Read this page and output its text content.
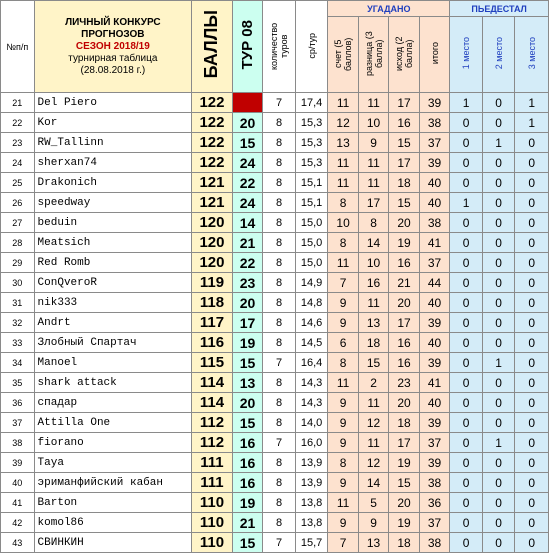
№п/п	ЛИЧНЫЙ КОНКУРС
ПРОГНОЗОВ
СЕЗОН 2018/19
турнирная таблица
(28.08.2018 г.)	БАЛЛЫ	ТУР 08	количество туров	ср/тур	УГАДАНО				ПЬЕДЕСТАЛ		
						счет (5 баллов)	разница (3 балла)	исход (2 балла)	итого	1 место	2 место	3 место
21	Del Piero	122		7	17,4	11	11	17	39	1	0	1
22	Kor	122	20	8	15,3	12	10	16	38	0	0	1
23	RW_Tallinn	122	15	8	15,3	13	9	15	37	0	1	0
24	sherxan74	122	24	8	15,3	11	11	17	39	0	0	0
25	Drakonich	121	22	8	15,1	11	11	18	40	0	0	0
26	speedway	121	24	8	15,1	8	17	15	40	1	0	0
27	beduin	120	14	8	15,0	10	8	20	38	0	0	0
28	Meatsich	120	21	8	15,0	8	14	19	41	0	0	0
29	Red Romb	120	22	8	15,0	11	10	16	37	0	0	0
30	ConQveroR	119	23	8	14,9	7	16	21	44	0	0	0
31	nik333	118	20	8	14,8	9	11	20	40	0	0	0
32	Andrt	117	17	8	14,6	9	13	17	39	0	0	0
33	Злобный Спартач	116	19	8	14,5	6	18	16	40	0	0	0
34	Manoel	115	15	7	16,4	8	15	16	39	0	1	0
35	shark attack	114	13	8	14,3	11	2	23	41	0	0	0
36	спадар	114	20	8	14,3	9	11	20	40	0	0	0
37	Attilla One	112	15	8	14,0	9	12	18	39	0	0	0
38	fiorano	112	16	7	16,0	9	11	17	37	0	1	0
39	Taya	111	16	8	13,9	8	12	19	39	0	0	0
40	эриманфийский кабан	111	16	8	13,9	9	14	15	38	0	0	0
41	Barton	110	19	8	13,8	11	5	20	36	0	0	0
42	komol86	110	21	8	13,8	9	9	19	37	0	0	0
43	СВИНКИН	110	15	7	15,7	7	13	18	38	0	0	0
